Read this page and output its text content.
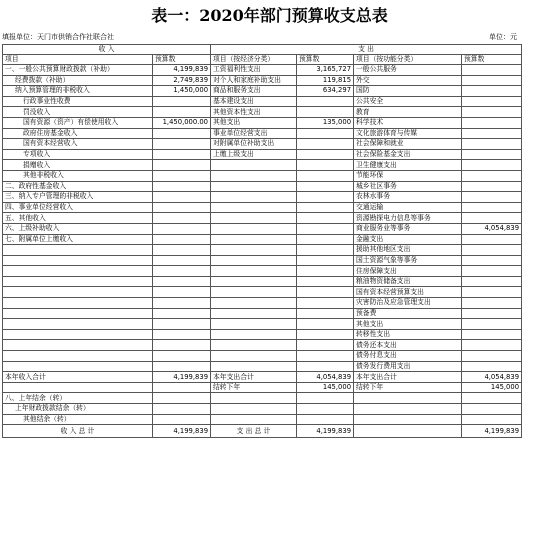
表一：2020年部门预算收支总表
填报单位：天门市供销合作社联合社	单位：元
收 入		支 出			
项目	预算数	项目（按经济分类）	预算数	项目（按功能分类）	预算数
一、一般公共预算财政拨款（补助）	4,199,839	工资福利性支出	3,165,727	一般公共服务	
经费拨款（补助）	2,749,839	对个人和家庭补助支出	119,815	外交	
纳入预算管理的非税收入	1,450,000	商品和服务支出	634,297	国防	
行政事业性收费		基本建设支出		公共安全	
罚没收入		其他资本性支出		教育	
国有资源（资产）有偿使用收入	1,450,000.00	其他支出	135,000	科学技术	
政府住房基金收入		事业单位经营支出		文化旅游体育与传媒	
国有资本经营收入		对附属单位补助支出		社会保障和就业	
专项收入		上缴上级支出		社会保险基金支出	
捐赠收入				卫生健康支出	
其他非税收入				节能环保	
二、政府性基金收入				城乡社区事务	
三、纳入专户管理的非税收入				农林水事务	
四、事业单位经营收入				交通运输	
五、其他收入				资源勘探电力信息等事务	
六、上级补助收入				商业服务业等事务	4,054,839
七、附属单位上缴收入				金融支出	
				援助其他地区支出	
				国土资源气象等事务	
				住房保障支出	
				粮油物资储备支出	
				国有资本经营预算支出	
				灾害防治及应急管理支出	
				预备费	
				其他支出	
				转移性支出	
				债务还本支出	
				债务付息支出	
				债务发行费用支出	
本年收入合计	4,199,839	本年支出合计	4,054,839	本年支出合计	4,054,839
		结转下年	145,000	结转下年	145,000
八、上年结余（转）					
上年财政拨款结余（转）					
其他结余（转）					
收 入 总 计	4,199,839	支 出 总 计	4,199,839		4,199,839
